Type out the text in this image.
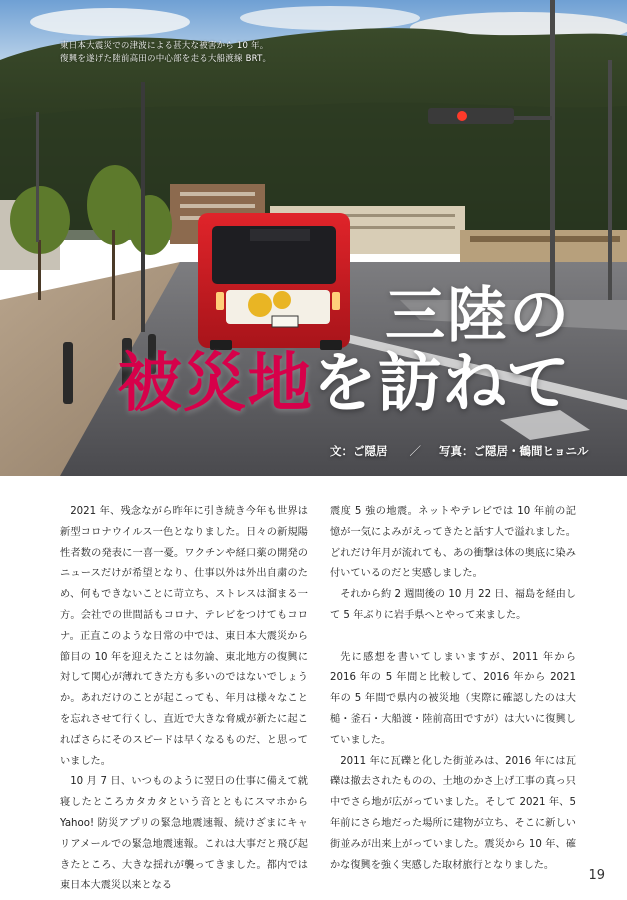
東日本大震災での津波による甚大な被害から 10 年。
復興を遂げた陸前高田の中心部を走る大船渡線 BRT。
三陸の
被災地を訪ねて
文：ご隠居 ／ 写真：ご隠居・鶴間ヒョニル

2021 年、残念ながら昨年に引き続き今年も世界は新型コロナウイルス一色となりました。日々の新規陽性者数の発表に一喜一憂。ワクチンや経口薬の開発のニュースだけが希望となり、仕事以外は外出自粛のため、何もできないことに苛立ち、ストレスは溜まる一方。会社での世間話もコロナ、テレビをつけてもコロナ。正直このような日常の中では、東日本大震災から節目の 10 年を迎えたことは勿論、東北地方の復興に対して関心が薄れてきた方も多いのではないでしょうか。あれだけのことが起こっても、年月は様々なことを忘れさせて行くし、直近で大きな脅威が新たに起こればさらにそのスピードは早くなるものだ、と思っていました。

10 月 7 日、いつものように翌日の仕事に備えて就寝したところカタカタという音とともにスマホから Yahoo! 防災アプリの緊急地震速報、続けざまにキャリアメールでの緊急地震速報。これは大事だと飛び起きたところ、大きな揺れが襲ってきました。都内では東日本大震災以来となる

震度 5 強の地震。ネットやテレビでは 10 年前の記憶が一気によみがえってきたと話す人で溢れました。どれだけ年月が流れても、あの衝撃は体の奥底に染み付いているのだと実感しました。

それから約 2 週間後の 10 月 22 日、福島を経由して 5 年ぶりに岩手県へとやって来ました。

先に感想を書いてしまいますが、2011 年から 2016 年の 5 年間と比較して、2016 年から 2021 年の 5 年間で県内の被災地（実際に確認したのは大槌・釜石・大船渡・陸前高田ですが）は大いに復興していました。

2011 年に瓦礫と化した街並みは、2016 年には瓦礫は撤去されたものの、土地のかさ上げ工事の真っ只中でさら地が広がっていました。そして 2021 年、5 年前にさら地だった場所に建物が立ち、そこに新しい街並みが出来上がっていました。震災から 10 年、確かな復興を強く実感した取材旅行となりました。

19
